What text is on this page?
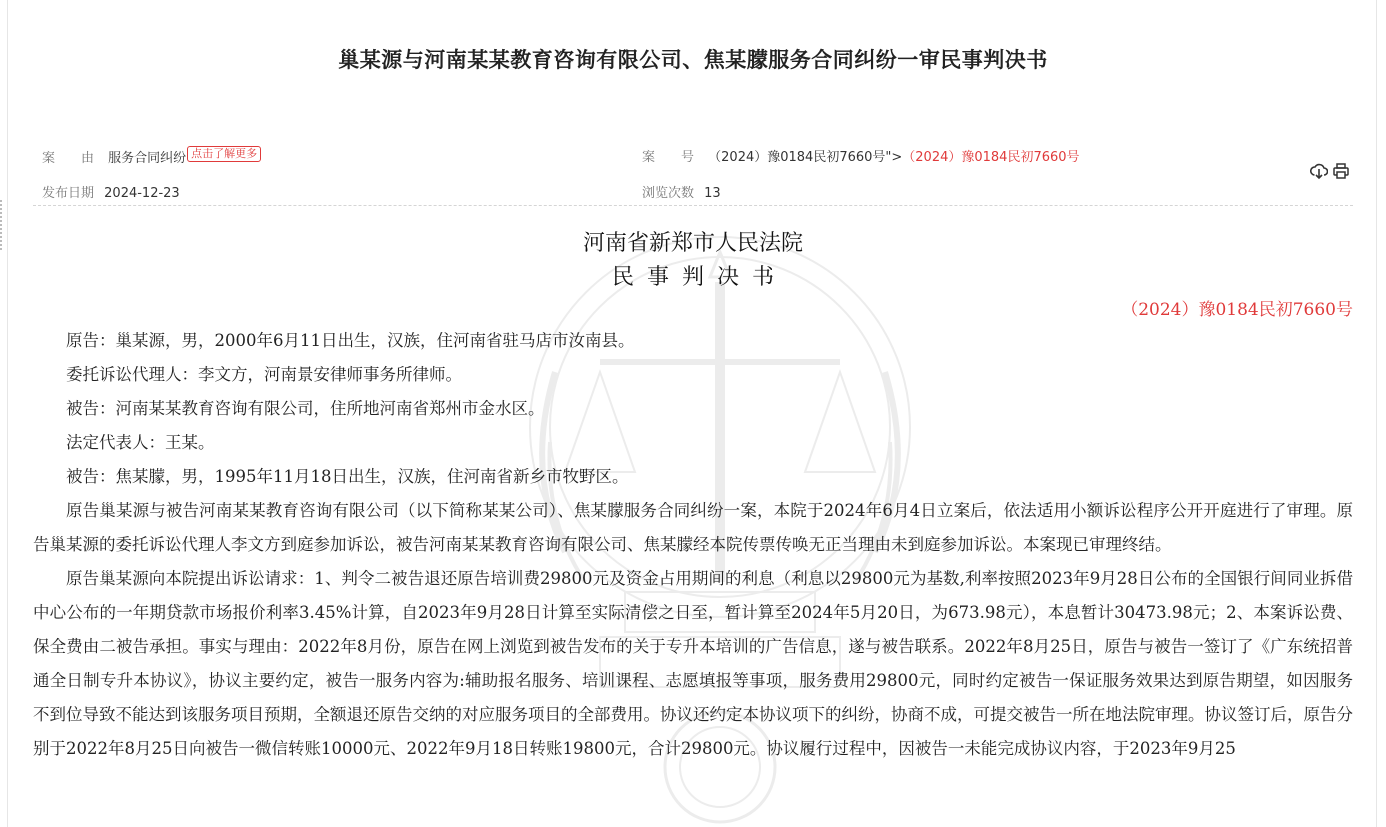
巢某源与河南某某教育咨询有限公司、焦某朦服务合同纠纷一审民事判决书
案　　由 服务合同纠纷 点击了解更多	案　　号 （2024）豫0184民初7660号">（2024）豫0184民初7660号
发布日期 2024-12-23	浏览次数 13
河南省新郑市人民法院
民事判决书
（2024）豫0184民初7660号

原告：巢某源，男，2000年6月11日出生，汉族，住河南省驻马店市汝南县。

委托诉讼代理人：李文方，河南景安律师事务所律师。

被告：河南某某教育咨询有限公司，住所地河南省郑州市金水区。

法定代表人：王某。

被告：焦某朦，男，1995年11月18日出生，汉族，住河南省新乡市牧野区。

原告巢某源与被告河南某某教育咨询有限公司（以下简称某某公司）、焦某朦服务合同纠纷一案，本院于2024年6月4日立案后，依法适用小额诉讼程序公开开庭进行了审理。原告巢某源的委托诉讼代理人李文方到庭参加诉讼，被告河南某某教育咨询有限公司、焦某朦经本院传票传唤无正当理由未到庭参加诉讼。本案现已审理终结。

原告巢某源向本院提出诉讼请求：1、判令二被告退还原告培训费29800元及资金占用期间的利息（利息以29800元为基数,利率按照2023年9月28日公布的全国银行间同业拆借中心公布的一年期贷款市场报价利率3.45%计算，自2023年9月28日计算至实际清偿之日至，暂计算至2024年5月20日，为673.98元），本息暂计30473.98元；2、本案诉讼费、保全费由二被告承担。事实与理由：2022年8月份，原告在网上浏览到被告发布的关于专升本培训的广告信息，遂与被告联系。2022年8月25日，原告与被告一签订了《广东统招普通全日制专升本协议》，协议主要约定，被告一服务内容为:辅助报名服务、培训课程、志愿填报等事项，服务费用29800元，同时约定被告一保证服务效果达到原告期望，如因服务不到位导致不能达到该服务项目预期，全额退还原告交纳的对应服务项目的全部费用。协议还约定本协议项下的纠纷，协商不成，可提交被告一所在地法院审理。协议签订后，原告分别于2022年8月25日向被告一微信转账10000元、2022年9月18日转账19800元，合计29800元。协议履行过程中，因被告一未能完成协议内容，于2023年9月25
